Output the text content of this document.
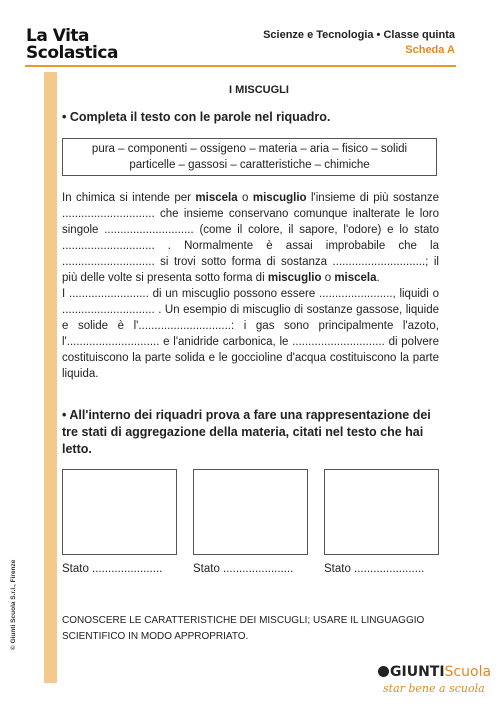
La Vita
Scolastica
Scienze e Tecnologia • Classe quinta
Scheda A
© Giunti Scuola S.r.l., Firenze
I MISCUGLI
• Completa il testo con le parole nel riquadro.
pura – componenti – ossigeno – materia – aria – fisico – solidi
particelle – gassosi – caratteristiche – chimiche
In chimica si intende per miscela o miscuglio l'insieme di più sostanze ............................. che insieme conservano comunque inalterate le loro singole ............................ (come il colore, il sapore, l'odore) e lo stato ............................. . Normalmente è assai improbabile che la ............................. si trovi sotto forma di sostanza .............................; il più delle volte si presenta sotto forma di miscuglio o miscela.
I ......................... di un miscuglio possono essere ......................., liquidi o ............................. . Un esempio di miscuglio di sostanze gassose, liquide e solide è l'.............................: i gas sono principalmente l'azoto, l'............................. e l'anidride carbonica, le ............................. di polvere costituiscono la parte solida e le goccioline d'acqua costituiscono la parte liquida.
• All'interno dei riquadri prova a fare una rappresentazione dei tre stati di aggregazione della materia, citati nel testo che hai letto.
Stato ......................	Stato ......................	Stato ......................
CONOSCERE LE CARATTERISTICHE DEI MISCUGLI; USARE IL LINGUAGGIO SCIENTIFICO IN MODO APPROPRIATO.
GIUNTIScuola
star bene a scuola
